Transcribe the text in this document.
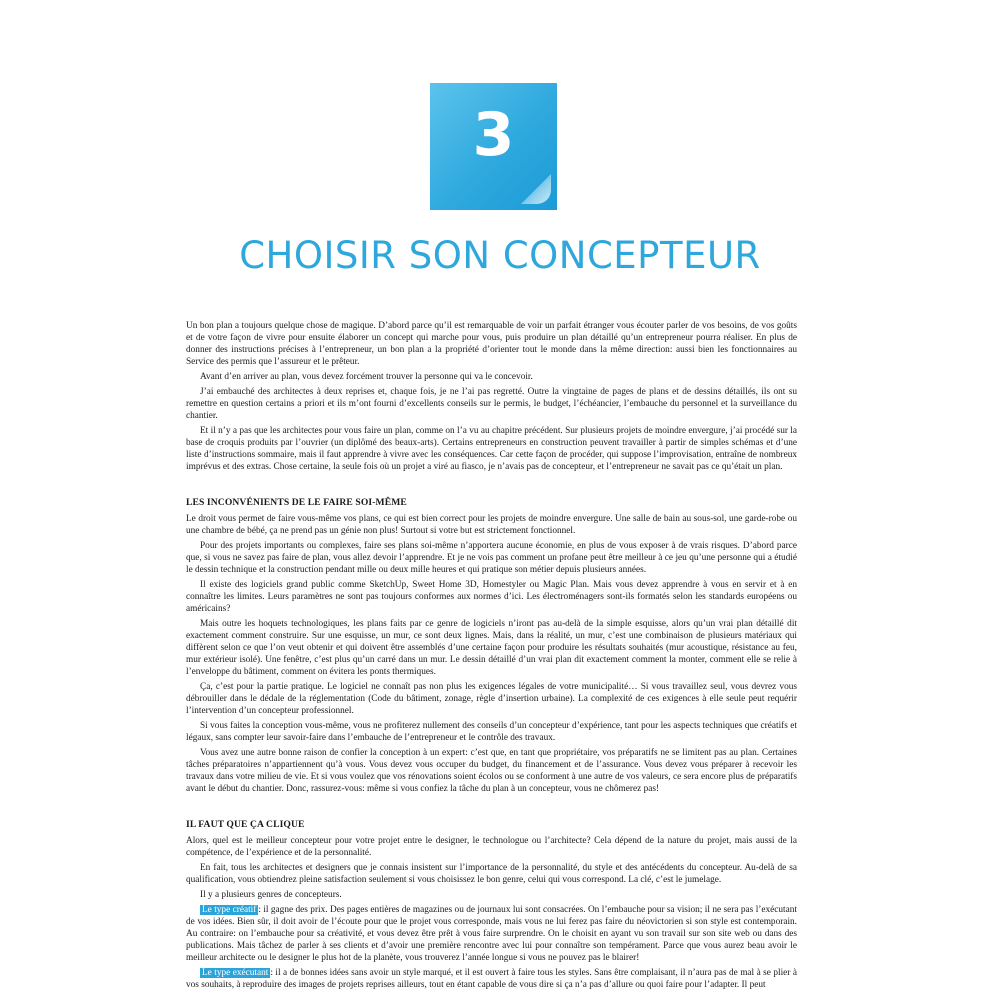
3
CHOISIR SON CONCEPTEUR

Un bon plan a toujours quelque chose de magique. D’abord parce qu’il est remarquable de voir un parfait étranger vous écouter parler de vos besoins, de vos goûts et de votre façon de vivre pour ensuite élaborer un concept qui marche pour vous, puis produire un plan détaillé qu’un entrepreneur pourra réaliser. En plus de donner des instructions précises à l’entrepreneur, un bon plan a la propriété d’orienter tout le monde dans la même direction: aussi bien les fonctionnaires au Service des permis que l’assureur et le prêteur.

Avant d’en arriver au plan, vous devez forcément trouver la personne qui va le concevoir.

J’ai embauché des architectes à deux reprises et, chaque fois, je ne l’ai pas regretté. Outre la vingtaine de pages de plans et de dessins détaillés, ils ont su remettre en question certains a priori et ils m’ont fourni d’excellents conseils sur le permis, le budget, l’échéancier, l’embauche du personnel et la surveillance du chantier.

Et il n’y a pas que les architectes pour vous faire un plan, comme on l’a vu au chapitre précédent. Sur plusieurs projets de moindre envergure, j’ai procédé sur la base de croquis produits par l’ouvrier (un diplômé des beaux-arts). Certains entrepreneurs en construction peuvent travailler à partir de simples schémas et d’une liste d’instructions sommaire, mais il faut apprendre à vivre avec les conséquences. Car cette façon de procéder, qui suppose l’improvisation, entraîne de nombreux imprévus et des extras. Chose certaine, la seule fois où un projet a viré au fiasco, je n’avais pas de concepteur, et l’entrepreneur ne savait pas ce qu’était un plan.

LES INCONVÉNIENTS DE LE FAIRE SOI-MÊME

Le droit vous permet de faire vous-même vos plans, ce qui est bien correct pour les projets de moindre envergure. Une salle de bain au sous-sol, une garde-robe ou une chambre de bébé, ça ne prend pas un génie non plus! Surtout si votre but est strictement fonctionnel.

Pour des projets importants ou complexes, faire ses plans soi-même n’apportera aucune économie, en plus de vous exposer à de vrais risques. D’abord parce que, si vous ne savez pas faire de plan, vous allez devoir l’apprendre. Et je ne vois pas comment un profane peut être meilleur à ce jeu qu’une personne qui a étudié le dessin technique et la construction pendant mille ou deux mille heures et qui pratique son métier depuis plusieurs années.

Il existe des logiciels grand public comme SketchUp, Sweet Home 3D, Homestyler ou Magic Plan. Mais vous devez apprendre à vous en servir et à en connaître les limites. Leurs paramètres ne sont pas toujours conformes aux normes d’ici. Les électroménagers sont-ils formatés selon les standards européens ou américains?

Mais outre les hoquets technologiques, les plans faits par ce genre de logiciels n’iront pas au-delà de la simple esquisse, alors qu’un vrai plan détaillé dit exactement comment construire. Sur une esquisse, un mur, ce sont deux lignes. Mais, dans la réalité, un mur, c’est une combinaison de plusieurs matériaux qui diffèrent selon ce que l’on veut obtenir et qui doivent être assemblés d’une certaine façon pour produire les résultats souhaités (mur acoustique, résistance au feu, mur extérieur isolé). Une fenêtre, c’est plus qu’un carré dans un mur. Le dessin détaillé d’un vrai plan dit exactement comment la monter, comment elle se relie à l’enveloppe du bâtiment, comment on évitera les ponts thermiques.

Ça, c’est pour la partie pratique. Le logiciel ne connaît pas non plus les exigences légales de votre municipalité… Si vous travaillez seul, vous devrez vous débrouiller dans le dédale de la réglementation (Code du bâtiment, zonage, règle d’insertion urbaine). La complexité de ces exigences à elle seule peut requérir l’intervention d’un concepteur professionnel.

Si vous faites la conception vous-même, vous ne profiterez nullement des conseils d’un concepteur d’expérience, tant pour les aspects techniques que créatifs et légaux, sans compter leur savoir-faire dans l’embauche de l’entrepreneur et le contrôle des travaux.

Vous avez une autre bonne raison de confier la conception à un expert: c’est que, en tant que propriétaire, vos préparatifs ne se limitent pas au plan. Certaines tâches préparatoires n’appartiennent qu’à vous. Vous devez vous occuper du budget, du financement et de l’assurance. Vous devez vous préparer à recevoir les travaux dans votre milieu de vie. Et si vous voulez que vos rénovations soient écolos ou se conforment à une autre de vos valeurs, ce sera encore plus de préparatifs avant le début du chantier. Donc, rassurez-vous: même si vous confiez la tâche du plan à un concepteur, vous ne chômerez pas!

IL FAUT QUE ÇA CLIQUE

Alors, quel est le meilleur concepteur pour votre projet entre le designer, le technologue ou l’architecte? Cela dépend de la nature du projet, mais aussi de la compétence, de l’expérience et de la personnalité.

En fait, tous les architectes et designers que je connais insistent sur l’importance de la personnalité, du style et des antécédents du concepteur. Au-delà de sa qualification, vous obtiendrez pleine satisfaction seulement si vous choisissez le bon genre, celui qui vous correspond. La clé, c’est le jumelage.

Il y a plusieurs genres de concepteurs.

Le type créatif : il gagne des prix. Des pages entières de magazines ou de journaux lui sont consacrées. On l’embauche pour sa vision; il ne sera pas l’exécutant de vos idées. Bien sûr, il doit avoir de l’écoute pour que le projet vous corresponde, mais vous ne lui ferez pas faire du néovictorien si son style est contemporain. Au contraire: on l’embauche pour sa créativité, et vous devez être prêt à vous faire surprendre. On le choisit en ayant vu son travail sur son site web ou dans des publications. Mais tâchez de parler à ses clients et d’avoir une première rencontre avec lui pour connaître son tempérament. Parce que vous aurez beau avoir le meilleur architecte ou le designer le plus hot de la planète, vous trouverez l’année longue si vous ne pouvez pas le blairer!

Le type exécutant : il a de bonnes idées sans avoir un style marqué, et il est ouvert à faire tous les styles. Sans être complaisant, il n’aura pas de mal à se plier à vos souhaits, à reproduire des images de projets reprises ailleurs, tout en étant capable de vous dire si ça n’a pas d’allure ou quoi faire pour l’adapter. Il peut
